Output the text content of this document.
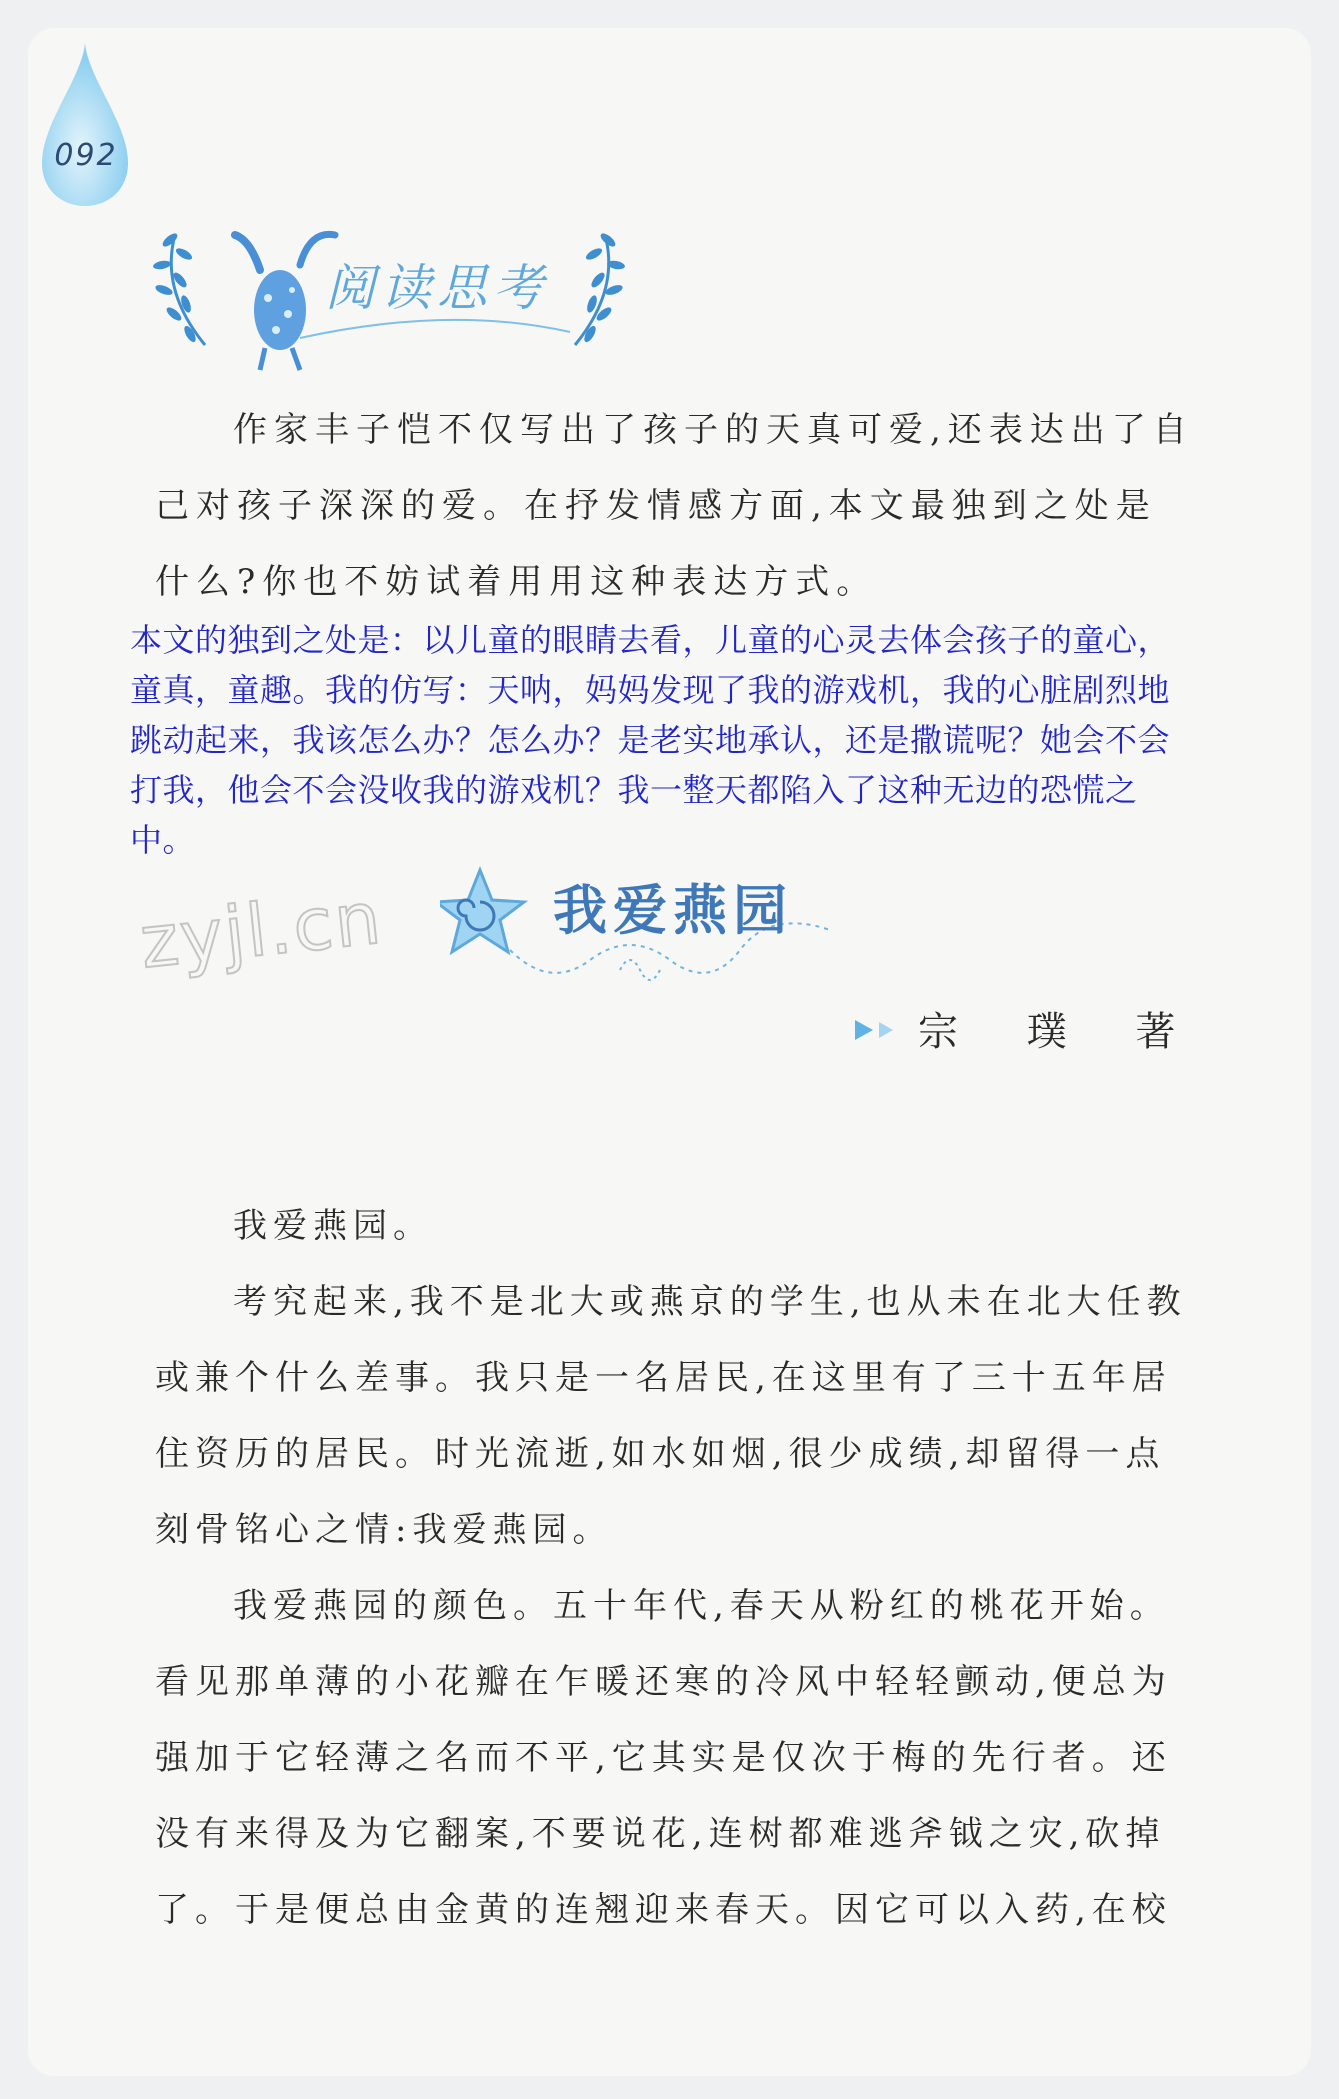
092
阅读思考

作家丰子恺不仅写出了孩子的天真可爱,还表达出了自己对孩子深深的爱。在抒发情感方面,本文最独到之处是什么?你也不妨试着用用这种表达方式。

本文的独到之处是：以儿童的眼睛去看，儿童的心灵去体会孩子的童心，童真，童趣。我的仿写：天呐，妈妈发现了我的游戏机，我的心脏剧烈地跳动起来，我该怎么办？怎么办？是老实地承认，还是撒谎呢？她会不会打我，他会不会没收我的游戏机？我一整天都陷入了这种无边的恐慌之中。

zyjl.cn	我爱燕园
宗 璞 著

我爱燕园。

考究起来,我不是北大或燕京的学生,也从未在北大任教或兼个什么差事。我只是一名居民,在这里有了三十五年居住资历的居民。时光流逝,如水如烟,很少成绩,却留得一点刻骨铭心之情:我爱燕园。

我爱燕园的颜色。五十年代,春天从粉红的桃花开始。看见那单薄的小花瓣在乍暖还寒的冷风中轻轻颤动,便总为强加于它轻薄之名而不平,它其实是仅次于梅的先行者。还没有来得及为它翻案,不要说花,连树都难逃斧钺之灾,砍掉了。于是便总由金黄的连翘迎来春天。因它可以入药,在校
